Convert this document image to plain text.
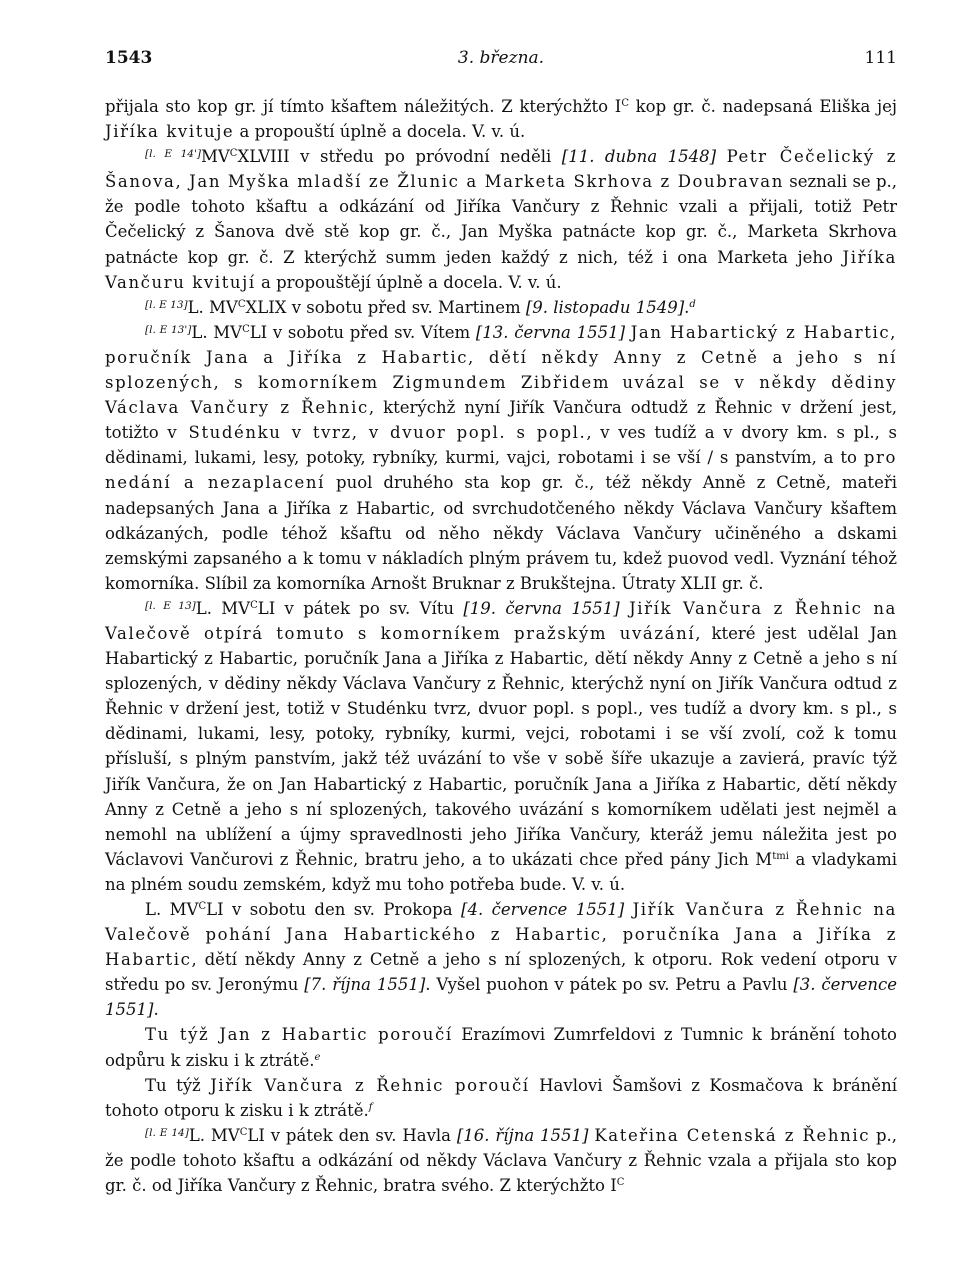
1543	3. března.	111

přijala sto kop gr. jí tímto kšaftem náležitých. Z kterýchžto $I^C$ kop gr. č. nadepsaná Eliška jej Jiříka kvituje a propouští úplně a docela. V. v. ú.

$[l. E 14']MV^CXLVIII$ v středu po próvodní neděli [11. dubna 1548] Petr Čečelický z Šanova, Jan Myška mladší ze Žlunic a Marketa Skrhova z Doubravan seznali se p., že podle tohoto kšaftu a odkázání od Jiříka Vančury z Řehnic vzali a přijali, totiž Petr Čečelický z Šanova dvě stě kop gr. č., Jan Myška patnácte kop gr. č., Marketa Skrhova patnácte kop gr. č. Z kterýchž summ jeden každý z nich, též i ona Marketa jeho Jiříka Vančuru kvitují a propouštějí úplně a docela. V. v. ú.

[l. E 13]L. $MV^CXLIX$ v sobotu před sv. Martinem [9. listopadu 1549].$^d$

[l. E 13']L. $MV^CLI$ v sobotu před sv. Vítem [13. června 1551] Jan Habartický z Habartic, poručník Jana a Jiříka z Habartic, dětí někdy Anny z Cetně a jeho s ní splozených, s komorníkem Zigmundem Zibřidem uvázal se v někdy dědiny Václava Vančury z Řehnic, kterýchž nyní Jiřík Vančura odtudž z Řehnic v držení jest, totižto v Studénku v tvrz, v dvuor popl. s popl., v ves tudíž a v dvory km. s pl., s dědinami, lukami, lesy, potoky, rybníky, kurmi, vajci, robotami i se vší / s panstvím, a to pro nedání a nezaplacení puol druhého sta kop gr. č., též někdy Anně z Cetně, mateři nadepsaných Jana a Jiříka z Habartic, od svrchudotčeného někdy Václava Vančury kšaftem odkázaných, podle téhož kšaftu od něho někdy Václava Vančury učiněného a dskami zemskými zapsaného a k tomu v nákladích plným právem tu, kdež puovod vedl. Vyznání téhož komorníka. Slíbil za komorníka Arnošt Bruknar z Brukštejna. Útraty XLII gr. č.

[l. E 13]L. $MV^CLI$ v pátek po sv. Vítu [19. června 1551] Jiřík Vančura z Řehnic na Valečově otpírá tomuto s komorníkem pražským uvázání, které jest udělal Jan Habartický z Habartic, poručník Jana a Jiříka z Habartic, dětí někdy Anny z Cetně a jeho s ní splozených, v dědiny někdy Václava Vančury z Řehnic, kterýchž nyní on Jiřík Vančura odtud z Řehnic v držení jest, totiž v Studénku tvrz, dvuor popl. s popl., ves tudíž a dvory km. s pl., s dědinami, lukami, lesy, potoky, rybníky, kurmi, vejci, robotami i se vší zvolí, což k tomu přísluší, s plným panstvím, jakž též uvázání to vše v sobě šíře ukazuje a zavierá, pravíc týž Jiřík Vančura, že on Jan Habartický z Habartic, poručník Jana a Jiříka z Habartic, dětí někdy Anny z Cetně a jeho s ní splozených, takového uvázání s komorníkem udělati jest nejměl a nemohl na ublížení a újmy spravedlnosti jeho Jiříka Vančury, kteráž jemu náležita jest po Václavovi Vančurovi z Řehnic, bratru jeho, a to ukázati chce před pány Jich $M^{tmi}$ a vladykami na plném soudu zemském, když mu toho potřeba bude. V. v. ú.

L. $MV^CLI$ v sobotu den sv. Prokopa [4. července 1551] Jiřík Vančura z Řehnic na Valečově pohání Jana Habartického z Habartic, poručníka Jana a Jiříka z Habartic, dětí někdy Anny z Cetně a jeho s ní splozených, k otporu. Rok vedení otporu v středu po sv. Jeronýmu [7. října 1551]. Vyšel puohon v pátek po sv. Petru a Pavlu [3. července 1551].

Tu týž Jan z Habartic poroučí Erazímovi Zumrfeldovi z Tumnic k bránění tohoto odpůru k zisku i k ztrátě.$^e$

Tu týž Jiřík Vančura z Řehnic poroučí Havlovi Šamšovi z Kosmačova k bránění tohoto otporu k zisku i k ztrátě.$^f$

[l. E 14]L. $MV^CLI$ v pátek den sv. Havla [16. října 1551] Kateřina Cetenská z Řehnic p., že podle tohoto kšaftu a odkázání od někdy Václava Vančury z Řehnic vzala a přijala sto kop gr. č. od Jiříka Vančury z Řehnic, bratra svého. Z kterýchžto $I^C$
